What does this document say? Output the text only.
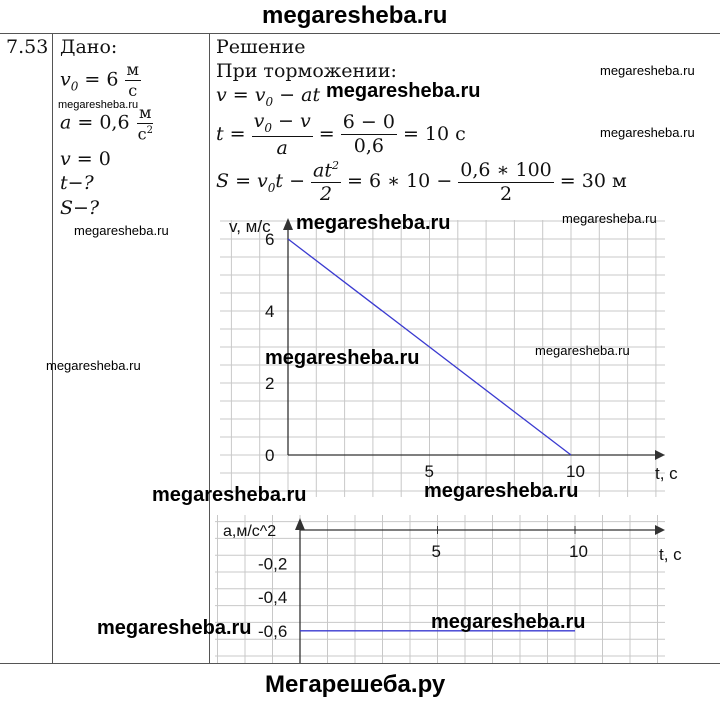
megaresheba.ru
7.53 Дано:
$v_0 = 6 \frac{м}{с}$
$a = 0,6 \frac{м}{с^2}$
v = 0
t−?
S−?
Решение
При торможении:
$v = v_0$ − at
$t = \frac{v_0 - v}{a} = \frac{6 - 0}{0,6} = 10$ с
$S = v_0t - \frac{at^2}{2} = 6$ ∗ $10 - \frac{0,6 ∗ 100}{2} = 30$ м
v, м/с
t, с
5	10
0
2
4
6
a,м/с^2
t, с
5	10
-0,2
-0,4
-0,6
megaresheba.ru
megaresheba.ru
megaresheba.ru
megaresheba.ru
megaresheba.ru	megaresheba.ru
megaresheba.ru
megaresheba.ru
megaresheba.ru
megaresheba.ru
megaresheba.ru
megaresheba.ru
megaresheba.ru
megaresheba.ru
Мегарешеба.ру
